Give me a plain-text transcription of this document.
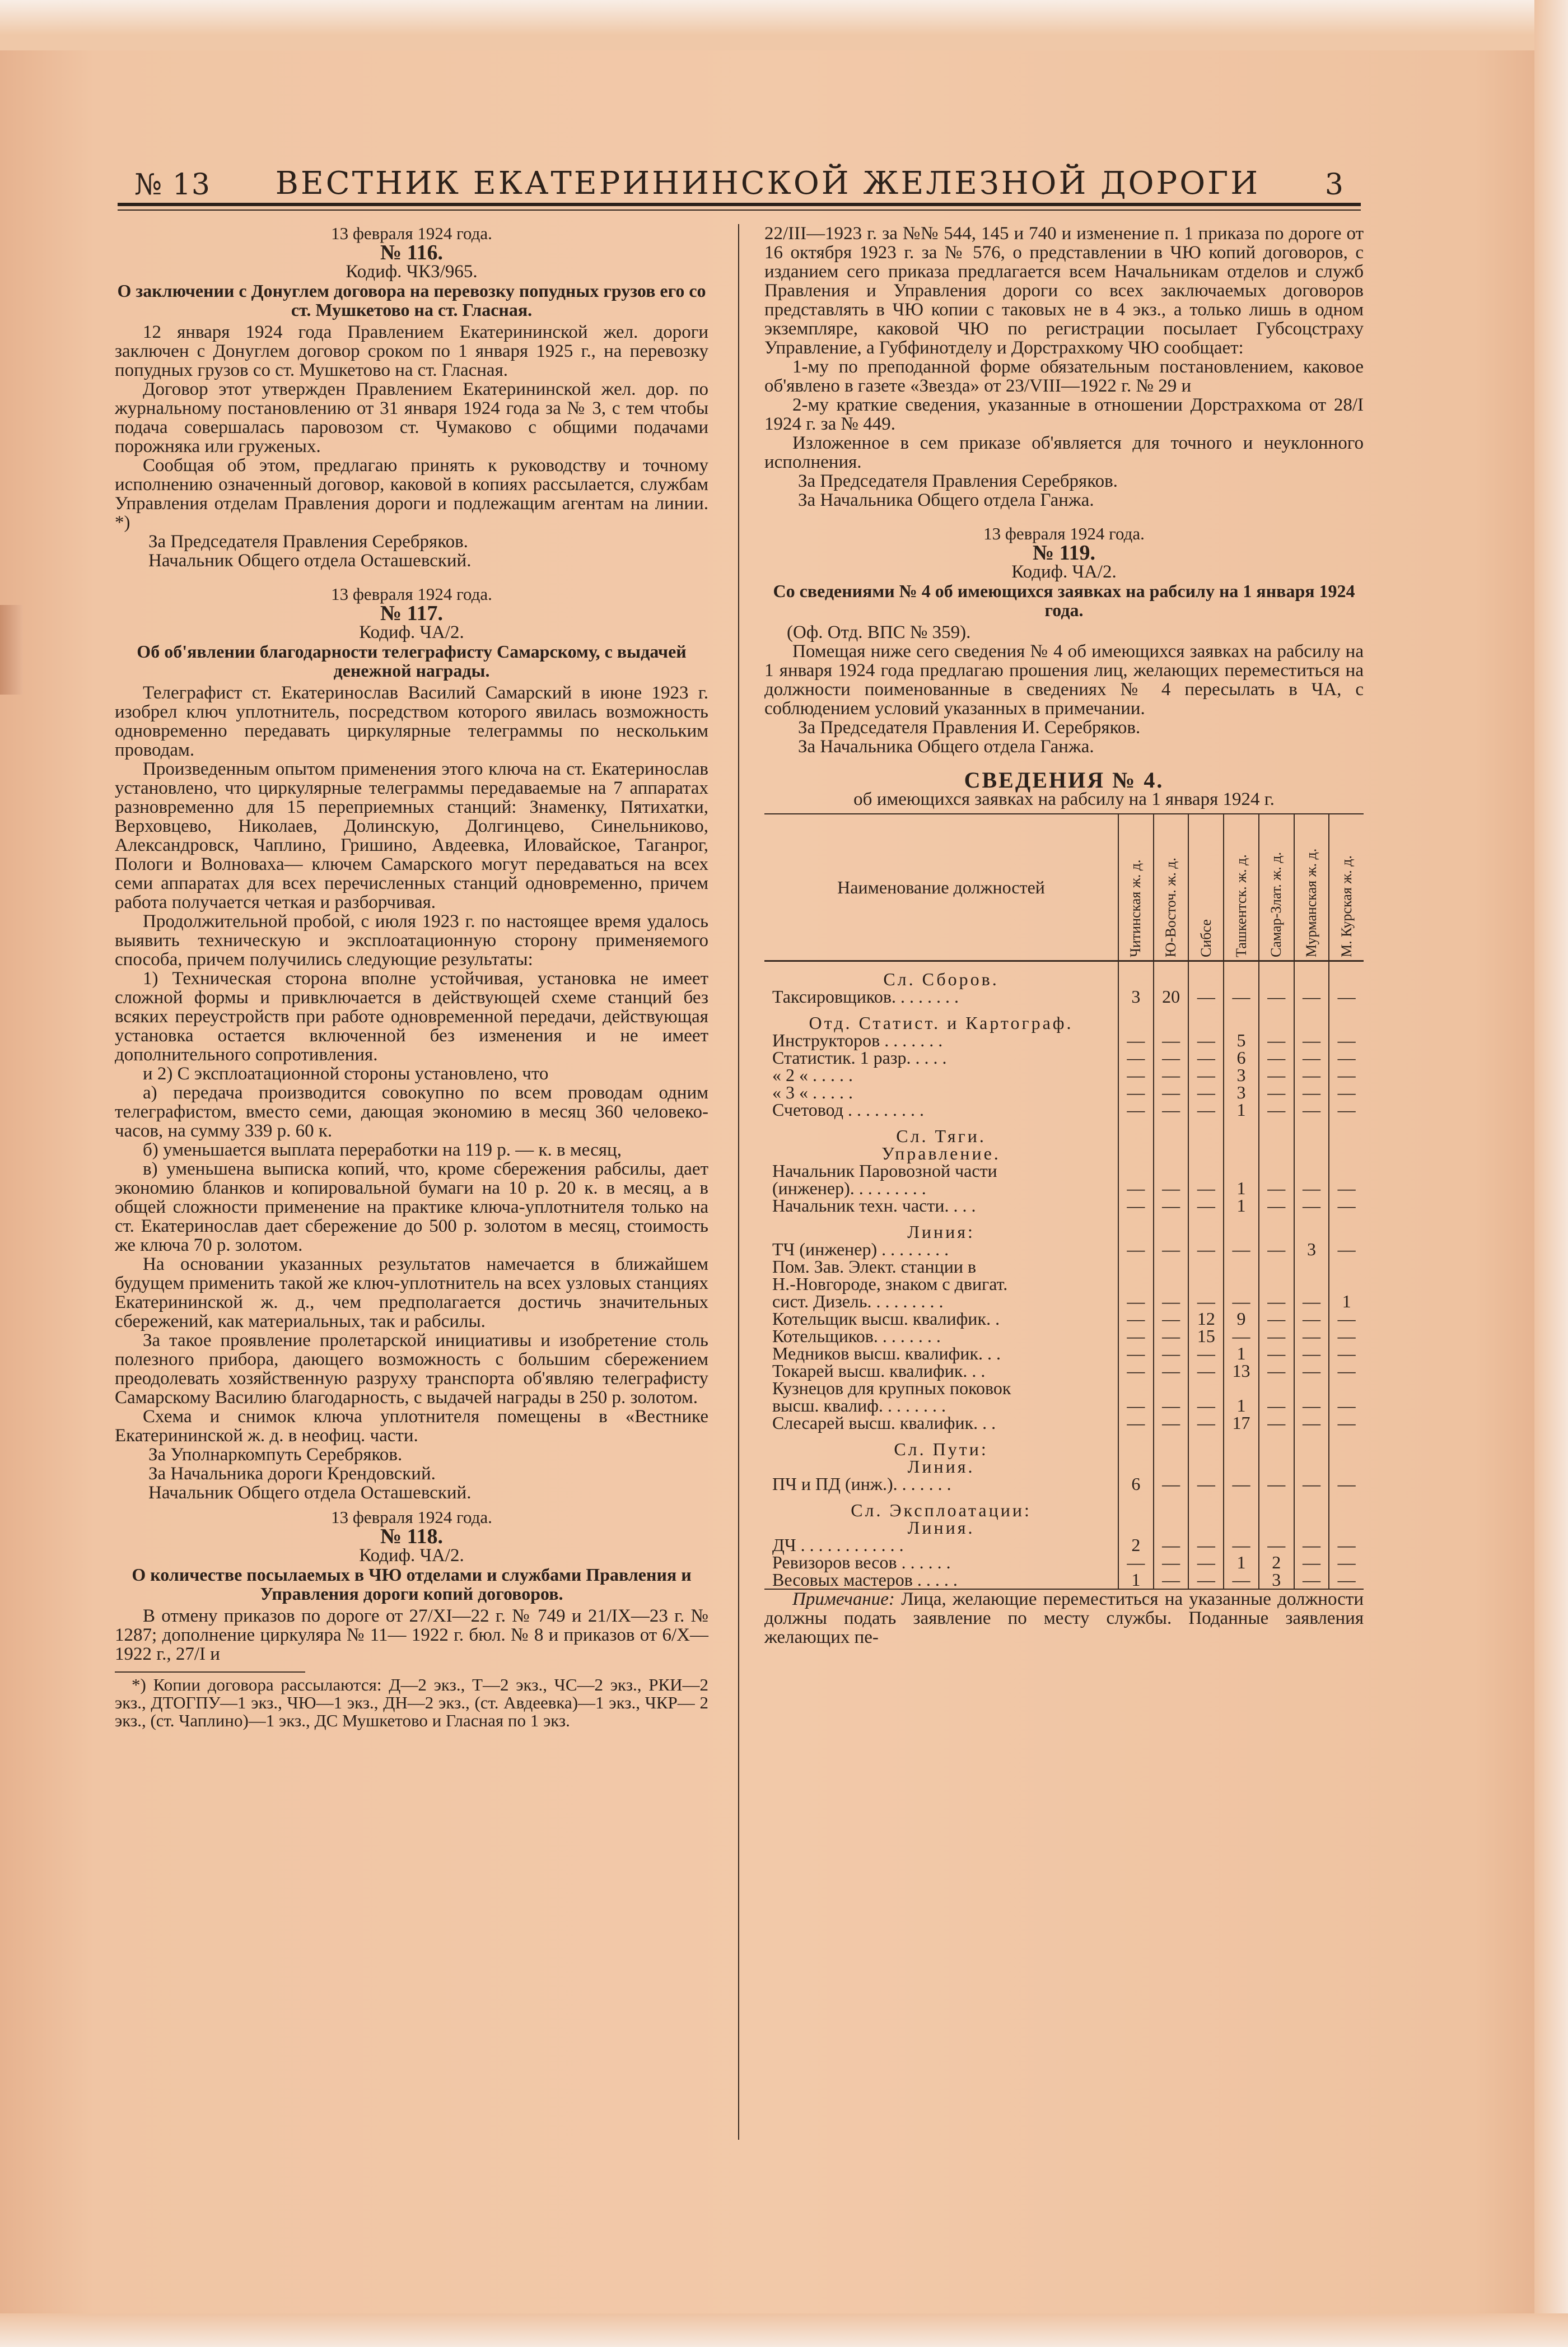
№ 13 ВЕСТНИК ЕКАТЕРИНИНСКОЙ ЖЕЛЕЗНОЙ ДОРОГИ 3
13 февраля 1924 года.
№ 116.
Кодиф. ЧКЗ/965.
О заключении с Донуглем договора на перевозку попудных грузов его со ст. Мушкетово на ст. Гласная.

12 января 1924 года Правлением Екатерининской жел. дороги заключен с Донуглем договор сроком по 1 января 1925 г., на перевозку попудных грузов со ст. Мушкетово на ст. Гласная.

Договор этот утвержден Правлением Екатерининской жел. дор. по журнальному постановлению от 31 января 1924 года за № 3, с тем чтобы подача совершалась паровозом ст. Чумаково с общими подачами порожняка или груженых.

Сообщая об этом, предлагаю принять к руководству и точному исполнению означенный договор, каковой в копиях рассылается, службам Управления отделам Правления дороги и подлежащим агентам на линии. *)

За Председателя Правления Серебряков.

Начальник Общего отдела Осташевский.

13 февраля 1924 года.
№ 117.
Кодиф. ЧА/2.
Об об'явлении благодарности телеграфисту Самарскому, с выдачей денежной награды.

Телеграфист ст. Екатеринослав Василий Самарский в июне 1923 г. изобрел ключ уплотнитель, посредством которого явилась возможность одновременно передавать циркулярные телеграммы по нескольким проводам.

Произведенным опытом применения этого ключа на ст. Екатеринослав установлено, что циркулярные телеграммы передаваемые на 7 аппаратах разновременно для 15 переприемных станций: Знаменку, Пятихатки, Верховцево, Николаев, Долинскую, Долгинцево, Синельниково, Александровск, Чаплино, Гришино, Авдеевка, Иловайское, Таганрог, Пологи и Волноваха— ключем Самарского могут передаваться на всех семи аппаратах для всех перечисленных станций одновременно, причем работа получается четкая и разборчивая.

Продолжительной пробой, с июля 1923 г. по настоящее время удалось выявить техническую и эксплоатационную сторону применяемого способа, причем получились следующие результаты:

1) Техническая сторона вполне устойчивая, установка не имеет сложной формы и привключается в действующей схеме станций без всяких переустройств при работе одновременной передачи, действующая установка остается включенной без изменения и не имеет дополнительного сопротивления.

и 2) С эксплоатационной стороны установлено, что

а) передача производится совокупно по всем проводам одним телеграфистом, вместо семи, дающая экономию в месяц 360 человеко-часов, на сумму 339 р. 60 к.

б) уменьшается выплата переработки на 119 р. — к. в месяц,

в) уменьшена выписка копий, что, кроме сбережения рабсилы, дает экономию бланков и копировальной бумаги на 10 р. 20 к. в месяц, а в общей сложности применение на практике ключа-уплотнителя только на ст. Екатеринослав дает сбережение до 500 р. золотом в месяц, стоимость же ключа 70 р. золотом.

На основании указанных результатов намечается в ближайшем будущем применить такой же ключ-уплотнитель на всех узловых станциях Екатерининской ж. д., чем предполагается достичь значительных сбережений, как материальных, так и рабсилы.

За такое проявление пролетарской инициативы и изобретение столь полезного прибора, дающего возможность с большим сбережением преодолевать хозяйственную разруху транспорта об'являю телеграфисту Самарскому Василию благодарность, с выдачей награды в 250 р. золотом.

Схема и снимок ключа уплотнителя помещены в «Вестнике Екатерининской ж. д. в неофиц. части.

За Уполнаркомпуть Серебряков.

За Начальника дороги Крендовский.

Начальник Общего отдела Осташевский.

13 февраля 1924 года.
№ 118.
Кодиф. ЧА/2.
О количестве посылаемых в ЧЮ отделами и службами Правления и Управления дороги копий договоров.

В отмену приказов по дороге от 27/XI—22 г. № 749 и 21/IX—23 г. № 1287; дополнение циркуляра № 11— 1922 г. бюл. № 8 и приказов от 6/X—1922 г., 27/I и

*) Копии договора рассылаются: Д—2 экз., Т—2 экз., ЧС—2 экз., РКИ—2 экз., ДТОГПУ—1 экз., ЧЮ—1 экз., ДН—2 экз., (ст. Авдеевка)—1 экз., ЧКР— 2 экз., (ст. Чаплино)—1 экз., ДС Мушкетово и Гласная по 1 экз.

22/III—1923 г. за №№ 544, 145 и 740 и изменение п. 1 приказа по дороге от 16 октября 1923 г. за № 576, о представлении в ЧЮ копий договоров, с изданием сего приказа предлагается всем Начальникам отделов и служб Правления и Управления дороги со всех заключаемых договоров представлять в ЧЮ копии с таковых не в 4 экз., а только лишь в одном экземпляре, каковой ЧЮ по регистрации посылает Губсоцстраху Управление, а Губфинотделу и Дорстрахкому ЧЮ сообщает:

1-му по преподанной форме обязательным постановлением, каковое об'явлено в газете «Звезда» от 23/VIII—1922 г. № 29 и

2-му краткие сведения, указанные в отношении Дорстрахкома от 28/I 1924 г. за № 449.

Изложенное в сем приказе об'является для точного и неуклонного исполнения.

За Председателя Правления Серебряков.

За Начальника Общего отдела Ганжа.

13 февраля 1924 года.
№ 119.
Кодиф. ЧА/2.
Со сведениями № 4 об имеющихся заявках на рабсилу на 1 января 1924 года.

(Оф. Отд. ВПС № 359).

Помещая ниже сего сведения № 4 об имеющихся заявках на рабсилу на 1 января 1924 года предлагаю прошения лиц, желающих переместиться на должности поименованные в сведениях № 4 пересылать в ЧА, с соблюдением условий указанных в примечании.

За Председателя Правления И. Серебряков.

За Начальника Общего отдела Ганжа.

СВЕДЕНИЯ № 4.
об имеющихся заявках на рабсилу на 1 января 1924 г.
Наименование должностей	Читинская ж. д.	Ю-Восточ. ж. д.	Сибсе	Ташкентск. ж. д.	Самар-Злат. ж. д.	Мурманская ж. д.	М. Курская ж. д.

Сл. Сборов.							
Таксировщиков. . . . . . . .	3	20	—	—	—	—	—
Отд. Статист. и Картогр‌аф.							
Инструкторов . . . . . . .	—	—	—	5	—	—	—
Статистик. 1 разр. . . . .	—	—	—	6	—	—	—
« 2 « . . . . .	—	—	—	3	—	—	—
« 3 « . . . . .	—	—	—	3	—	—	—
Счетовод . . . . . . . . .	—	—	—	1	—	—	—
Сл. Тяги.							
Управление.							
Начальник Паровозной части							
(инженер). . . . . . . . .	—	—	—	1	—	—	—
Начальник техн. части. . . .	—	—	—	1	—	—	—
Линия:							
ТЧ (инженер) . . . . . . . .	—	—	—	—	—	3	—
Пом. Зав. Элект. станции в							
Н.-Новгороде, знаком с двигат.							
сист. Дизель. . . . . . . . .	—	—	—	—	—	—	1
Котельщик высш. квалифик. .	—	—	12	9	—	—	—
Котельщиков. . . . . . . .	—	—	15	—	—	—	—
Медников высш. квалифик. . .	—	—	—	1	—	—	—
Токарей высш. квалифик. . .	—	—	—	13	—	—	—
Кузнецов для крупных поковок							
высш. квалиф. . . . . . . .	—	—	—	1	—	—	—
Слесарей высш. квалифик. . .	—	—	—	17	—	—	—
Сл. Пути:							
Линия.							
ПЧ и ПД (инж.). . . . . . .	6	—	—	—	—	—	—
Сл. Эксплоатации:							
Линия.							
ДЧ . . . . . . . . . . . .	2	—	—	—	—	—	—
Ревизоров весов . . . . . .	—	—	—	1	2	—	—
Весовых мастеров . . . . .	1	—	—	—	3	—	—

Примечание: Лица, желающие переместиться на указанные должности должны подать заявление по месту службы. Поданные заявления желающих пе-
